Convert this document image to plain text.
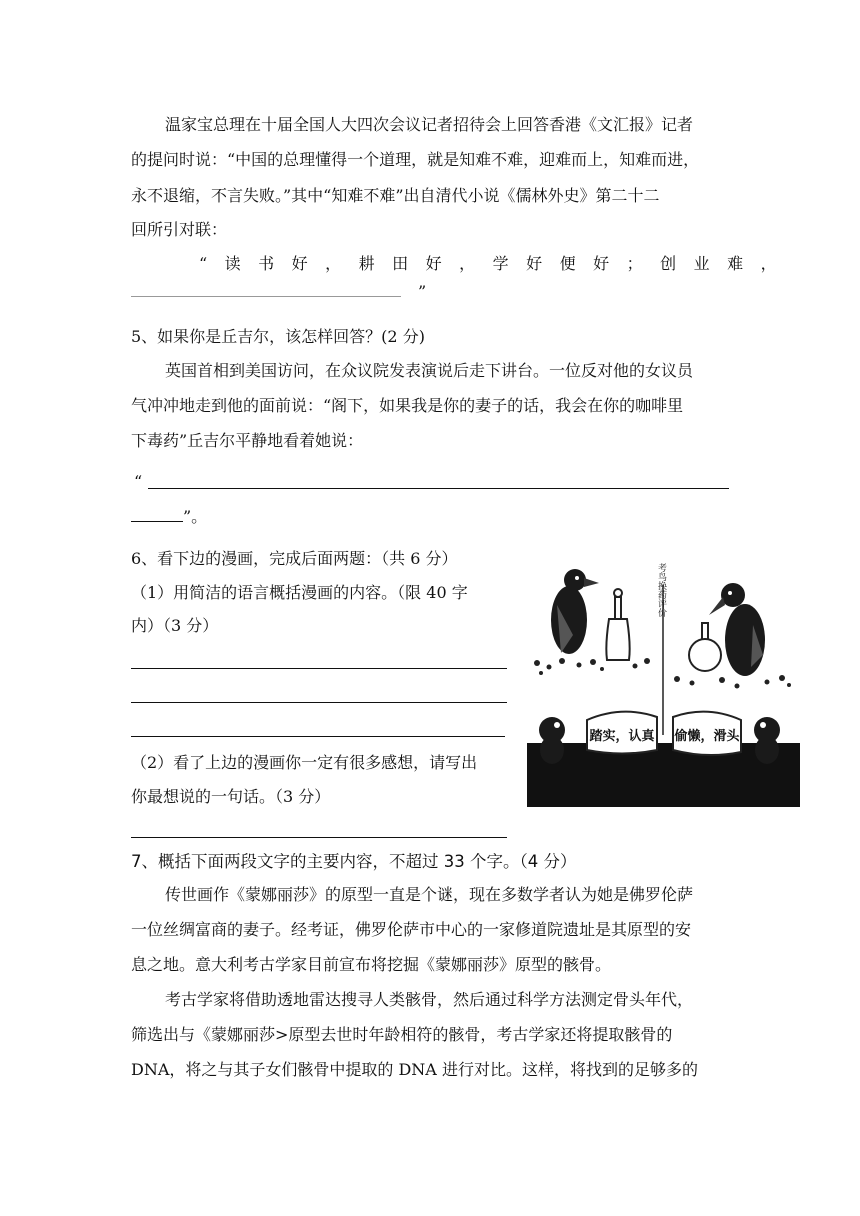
温家宝总理在十届全国人大四次会议记者招待会上回答香港《文汇报》记者
的提问时说：“中国的总理懂得一个道理，就是知难不难，迎难而上，知难而进，
永不退缩，不言失败。”其中“知难不难”出自清代小说《儒林外史》第二十二
回所引对联：
“读书好，耕田好，学好便好；创业难，
”
5、如果你是丘吉尔，该怎样回答？(2 分)
英国首相到美国访问，在众议院发表演说后走下讲台。一位反对他的女议员
气冲冲地走到他的面前说：“阁下，如果我是你的妻子的话，我会在你的咖啡里
下毒药”丘吉尔平静地看着她说：
“
”。
6、看下边的漫画，完成后面两题：（共 6 分）
（1）用简洁的语言概括漫画的内容。（限 40 字
内）（3 分）
（2）看了上边的漫画你一定有很多感想，请写出
你最想说的一句话。（3 分）
考鸟换药评价
踏实，认真 偷懒，滑头
7、概括下面两段文字的主要内容，不超过 33 个字。（4 分）
传世画作《蒙娜丽莎》的原型一直是个谜，现在多数学者认为她是佛罗伦萨
一位丝绸富商的妻子。经考证，佛罗伦萨市中心的一家修道院遗址是其原型的安
息之地。意大利考古学家目前宣布将挖掘《蒙娜丽莎》原型的骸骨。
考古学家将借助透地雷达搜寻人类骸骨，然后通过科学方法测定骨头年代，
筛选出与《蒙娜丽莎>原型去世时年龄相符的骸骨，考古学家还将提取骸骨的
DNA，将之与其子女们骸骨中提取的 DNA 进行对比。这样，将找到的足够多的
